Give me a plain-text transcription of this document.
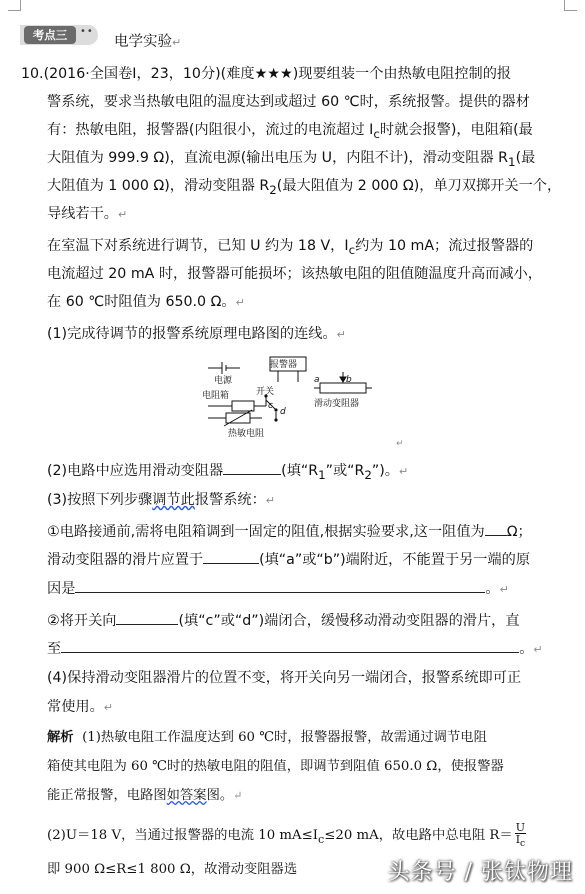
考点三	••
电学实验↵
10.(2016·全国卷Ⅰ，23，10分)(难度★★★)现要组装一个由热敏电阻控制的报
警系统，要求当热敏电阻的温度达到或超过 60 ℃时，系统报警。提供的器材
有：热敏电阻，报警器(内阻很小，流过的电流超过 $I_c$时就会报警)，电阻箱(最
大阻值为 999.9 Ω)，直流电源(输出电压为 U，内阻不计)，滑动变阻器 $R_1$(最
大阻值为 1 000 Ω)，滑动变阻器 $R_2$(最大阻值为 2 000 Ω)，单刀双掷开关一个，
导线若干。↵
在室温下对系统进行调节，已知 U 约为 18 V，$I_c$约为 10 mA；流过报警器的
电流超过 20 mA 时，报警器可能损坏；该热敏电阻的阻值随温度升高而减小，
在 60 ℃时阻值为 650.0 Ω。↵
(1)完成待调节的报警系统原理电路图的连线。↵
电源
报警器
电阻箱	开关
滑动变阻器
热敏电阻
a	b
c
d
↵
(2)电路中应选用滑动变阻器	(填“$R_1$”或“$R_2$”)。↵
(3)按照下列步骤调节此报警系统：↵
①电路接通前,需将电阻箱调到一固定的阻值,根据实验要求,这一阻值为 Ω；
滑动变阻器的滑片应置于	(填“a”或“b”)端附近，不能置于另一端的原
因是	。↵
②将开关向	(填“c”或“d”)端闭合，缓慢移动滑动变阻器的滑片，直
至	。↵
(4)保持滑动变阻器滑片的位置不变，将开关向另一端闭合，报警系统即可正
常使用。↵
解析 (1)热敏电阻工作温度达到 60 ℃时，报警器报警，故需通过调节电阻
箱使其电阻为 60 ℃时的热敏电阻的阻值，即调节到阻值 650.0 Ω，使报警器
能正常报警，电路图如答案图。↵
(2)U＝18 V，当通过报警器的电流 10 $mA\le I_c\le 20$ mA，故电路中总电阻 $R= \frac{U}{I_c}$
即 900 Ω≤R≤1 800 Ω，故滑动变阻器选	头条号 / 张钛物理
